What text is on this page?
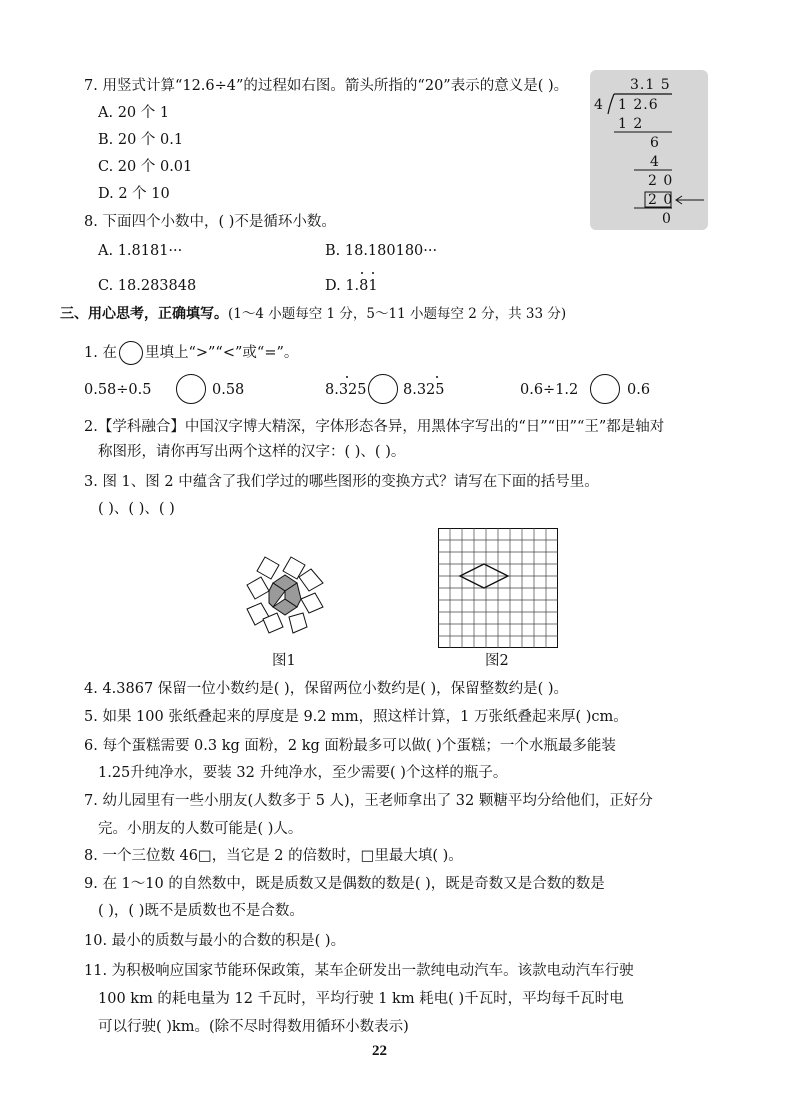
7. 用竖式计算“12.6÷4”的过程如右图。箭头所指的“20”表示的意义是( )。
A. 20 个 1
B. 20 个 0.1
C. 20 个 0.01
D. 2 个 10
8. 下面四个小数中，( )不是循环小数。
A. 1.8181···	B. 18.180180···
C. 18.283848	D. 1.81
3.1 5
4 1 2.6
1 2
6
4
2 0
2 0
0
三、用心思考，正确填写。(1～4 小题每空 1 分，5～11 小题每空 2 分，共 33 分)
1. 在 里填上“>”“<”或“=”。
0.58÷0.5	0.58	8.325	8.325	0.6÷1.2	0.6
2.【学科融合】中国汉字博大精深，字体形态各异，用黑体字写出的“日”“田”“王”都是轴对
称图形，请你再写出两个这样的汉字：( )、( )。
3. 图 1、图 2 中蕴含了我们学过的哪些图形的变换方式？请写在下面的括号里。
( )、( )、( )
图1	图2
4. 4.3867 保留一位小数约是( )，保留两位小数约是( )，保留整数约是( )。
5. 如果 100 张纸叠起来的厚度是 9.2 mm，照这样计算，1 万张纸叠起来厚( )cm。
6. 每个蛋糕需要 0.3 kg 面粉，2 kg 面粉最多可以做( )个蛋糕；一个水瓶最多能装
1.25升纯净水，要装 32 升纯净水，至少需要( )个这样的瓶子。
7. 幼儿园里有一些小朋友(人数多于 5 人)，王老师拿出了 32 颗糖平均分给他们，正好分
完。小朋友的人数可能是( )人。
8. 一个三位数 46□，当它是 2 的倍数时，□里最大填( )。
9. 在 1～10 的自然数中，既是质数又是偶数的数是( )，既是奇数又是合数的数是
( )，( )既不是质数也不是合数。
10. 最小的质数与最小的合数的积是( )。
11. 为积极响应国家节能环保政策，某车企研发出一款纯电动汽车。该款电动汽车行驶
100 km 的耗电量为 12 千瓦时，平均行驶 1 km 耗电( )千瓦时，平均每千瓦时电
可以行驶( )km。(除不尽时得数用循环小数表示)
22
